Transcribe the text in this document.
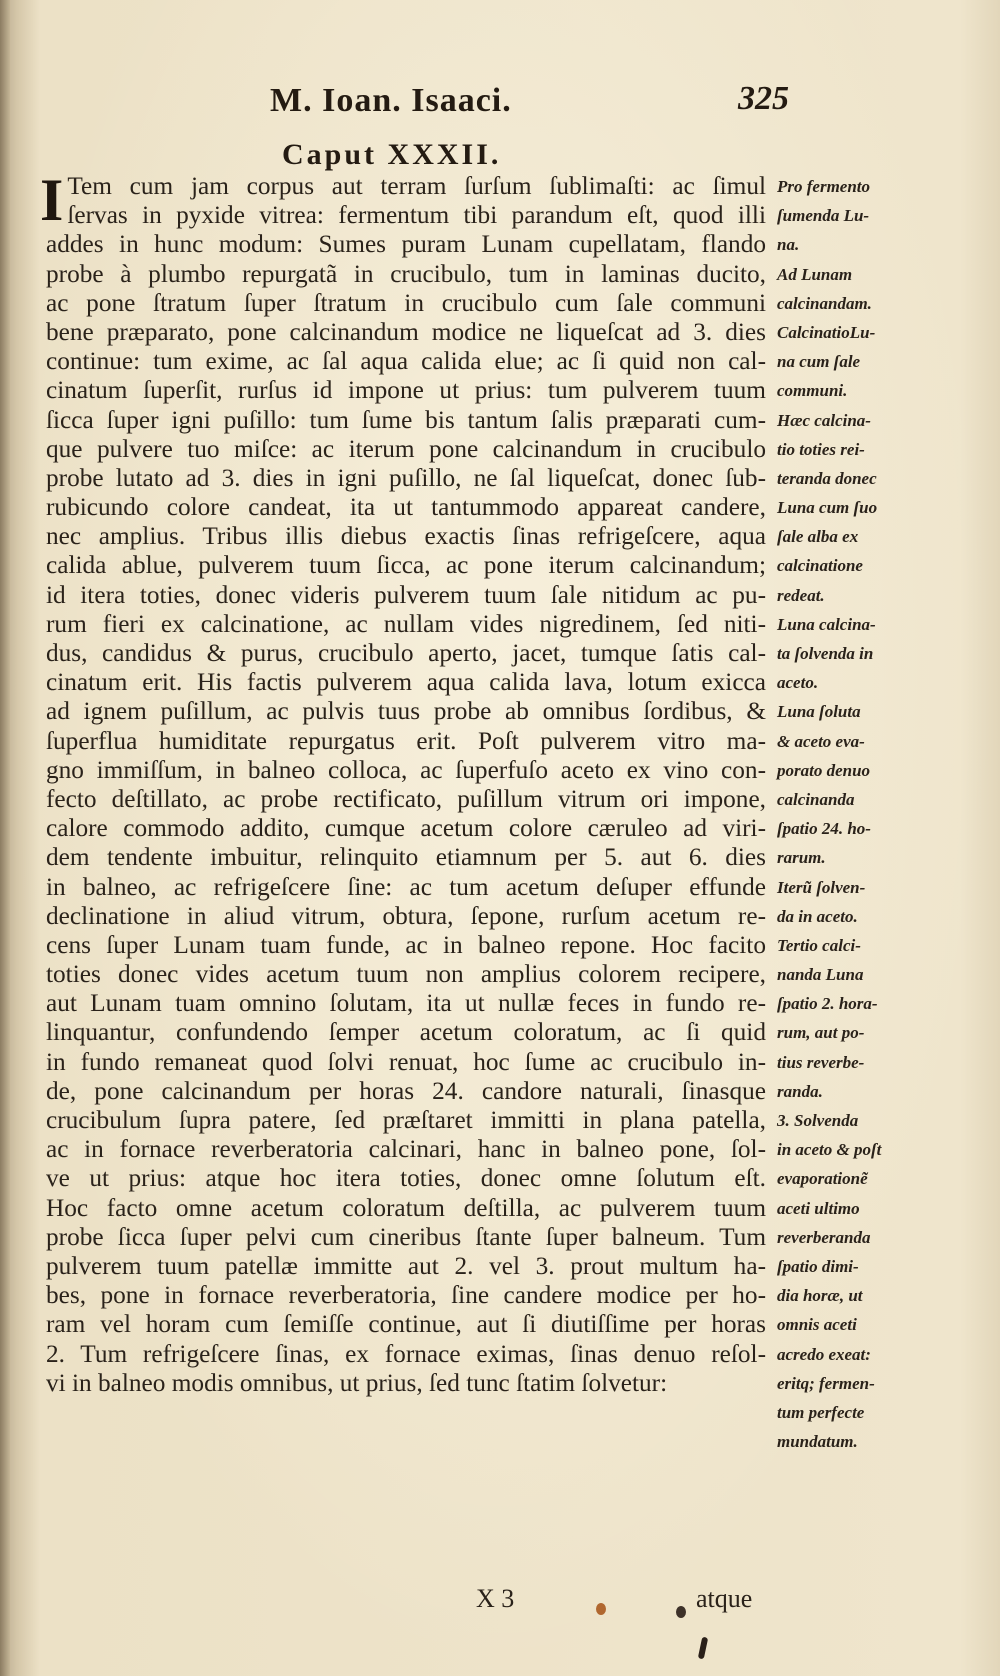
M. Ioan. Isaaci.	325
Caput XXXII.
I Tem cum jam corpus aut terram ſurſum ſublimaſti: ac ſimul
ſervas in pyxide vitrea: fermentum tibi parandum eſt, quod illi
addes in hunc modum: Sumes puram Lunam cupellatam, flando
probe à plumbo repurgatã in crucibulo, tum in laminas ducito,
ac pone ſtratum ſuper ſtratum in crucibulo cum ſale communi
bene præparato, pone calcinandum modice ne liqueſcat ad 3. dies
continue: tum exime, ac ſal aqua calida elue; ac ſi quid non cal-
cinatum ſuperſit, rurſus id impone ut prius: tum pulverem tuum
ſicca ſuper igni puſillo: tum ſume bis tantum ſalis præparati cum-
que pulvere tuo miſce: ac iterum pone calcinandum in crucibulo
probe lutato ad 3. dies in igni puſillo, ne ſal liqueſcat, donec ſub-
rubicundo colore candeat, ita ut tantummodo appareat candere,
nec amplius. Tribus illis diebus exactis ſinas refrigeſcere, aqua
calida ablue, pulverem tuum ſicca, ac pone iterum calcinandum;
id itera toties, donec videris pulverem tuum ſale nitidum ac pu-
rum fieri ex calcinatione, ac nullam vides nigredinem, ſed niti-
dus, candidus & purus, crucibulo aperto, jacet, tumque ſatis cal-
cinatum erit. His factis pulverem aqua calida lava, lotum exicca
ad ignem puſillum, ac pulvis tuus probe ab omnibus ſordibus, &
ſuperflua humiditate repurgatus erit. Poſt pulverem vitro ma-
gno immiſſum, in balneo colloca, ac ſuperfuſo aceto ex vino con-
fecto deſtillato, ac probe rectificato, puſillum vitrum ori impone,
calore commodo addito, cumque acetum colore cæruleo ad viri-
dem tendente imbuitur, relinquito etiamnum per 5. aut 6. dies
in balneo, ac refrigeſcere ſine: ac tum acetum deſuper effunde
declinatione in aliud vitrum, obtura, ſepone, rurſum acetum re-
cens ſuper Lunam tuam funde, ac in balneo repone. Hoc facito
toties donec vides acetum tuum non amplius colorem recipere,
aut Lunam tuam omnino ſolutam, ita ut nullæ feces in fundo re-
linquantur, confundendo ſemper acetum coloratum, ac ſi quid
in fundo remaneat quod ſolvi renuat, hoc ſume ac crucibulo in-
de, pone calcinandum per horas 24. candore naturali, ſinasque
crucibulum ſupra patere, ſed præſtaret immitti in plana patella,
ac in fornace reverberatoria calcinari, hanc in balneo pone, ſol-
ve ut prius: atque hoc itera toties, donec omne ſolutum eſt.
Hoc facto omne acetum coloratum deſtilla, ac pulverem tuum
probe ſicca ſuper pelvi cum cineribus ſtante ſuper balneum. Tum
pulverem tuum patellæ immitte aut 2. vel 3. prout multum ha-
bes, pone in fornace reverberatoria, ſine candere modice per ho-
ram vel horam cum ſemiſſe continue, aut ſi diutiſſime per horas
2. Tum refrigeſcere ſinas, ex fornace eximas, ſinas denuo reſol-
vi in balneo modis omnibus, ut prius, ſed tunc ſtatim ſolvetur:
Pro fermento
ſumenda Lu-
na.
Ad Lunam
calcinandam.
CalcinatioLu-
na cum ſale
communi.
Hæc calcina-
tio toties rei-
teranda donec
Luna cum ſuo
ſale alba ex
calcinatione
redeat.
Luna calcina-
ta ſolvenda in
aceto.
Luna ſoluta
& aceto eva-
porato denuo
calcinanda
ſpatio 24. ho-
rarum.
Iterũ ſolven-
da in aceto.
Tertio calci-
nanda Luna
ſpatio 2. hora-
rum, aut po-
tius reverbe-
randa.
3. Solvenda
in aceto & poſt
evaporationẽ
aceti ultimo
reverberanda
ſpatio dimi-
dia horæ, ut
omnis aceti
acredo exeat:
eritq; fermen-
tum perfecte
mundatum.
X 3	atque
